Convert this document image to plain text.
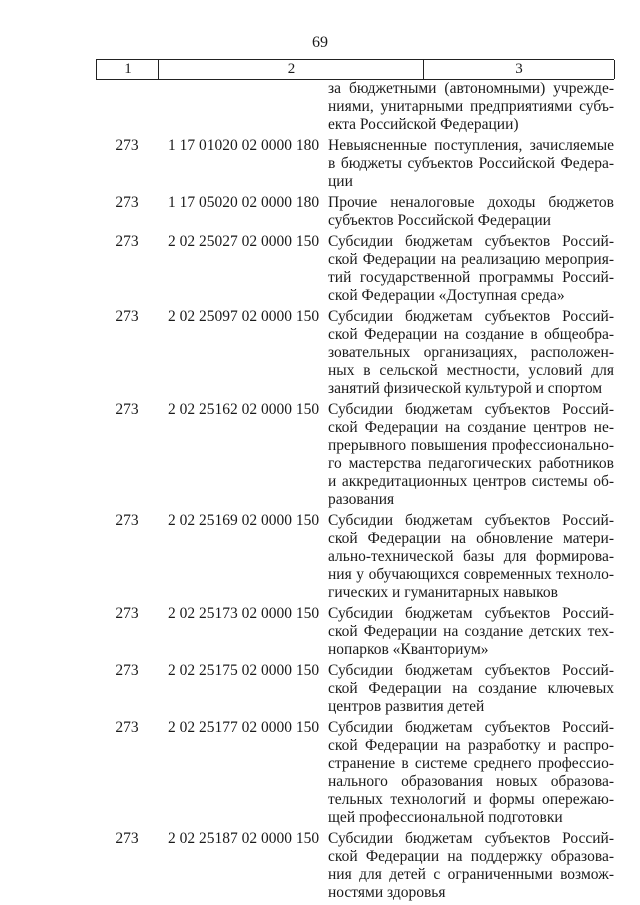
69
1	2	3
за бюджетными (автономными) учрежде-
ниями, унитарными предприятиями субъ-
екта Российской Федерации)
273	1 17 01020 02 0000 180 Невыясненные поступления, зачисляемые
в бюджеты субъектов Российской Федера-
ции
273	1 17 05020 02 0000 180 Прочие неналоговые доходы бюджетов
субъектов Российской Федерации
273	2 02 25027 02 0000 150 Субсидии бюджетам субъектов Россий-
ской Федерации на реализацию мероприя-
тий государственной программы Россий-
ской Федерации «Доступная среда»
273	2 02 25097 02 0000 150 Субсидии бюджетам субъектов Россий-
ской Федерации на создание в общеобра-
зовательных организациях, расположен-
ных в сельской местности, условий для
занятий физической культурой и спортом
273	2 02 25162 02 0000 150 Субсидии бюджетам субъектов Россий-
ской Федерации на создание центров не-
прерывного повышения профессионально-
го мастерства педагогических работников
и аккредитационных центров системы об-
разования
273	2 02 25169 02 0000 150 Субсидии бюджетам субъектов Россий-
ской Федерации на обновление матери-
ально-технической базы для формирова-
ния у обучающихся современных техноло-
гических и гуманитарных навыков
273	2 02 25173 02 0000 150 Субсидии бюджетам субъектов Россий-
ской Федерации на создание детских тех-
нопарков «Кванториум»
273	2 02 25175 02 0000 150 Субсидии бюджетам субъектов Россий-
ской Федерации на создание ключевых
центров развития детей
273	2 02 25177 02 0000 150 Субсидии бюджетам субъектов Россий-
ской Федерации на разработку и распро-
странение в системе среднего профессио-
нального образования новых образова-
тельных технологий и формы опережаю-
щей профессиональной подготовки
273	2 02 25187 02 0000 150 Субсидии бюджетам субъектов Россий-
ской Федерации на поддержку образова-
ния для детей с ограниченными возмож-
ностями здоровья
